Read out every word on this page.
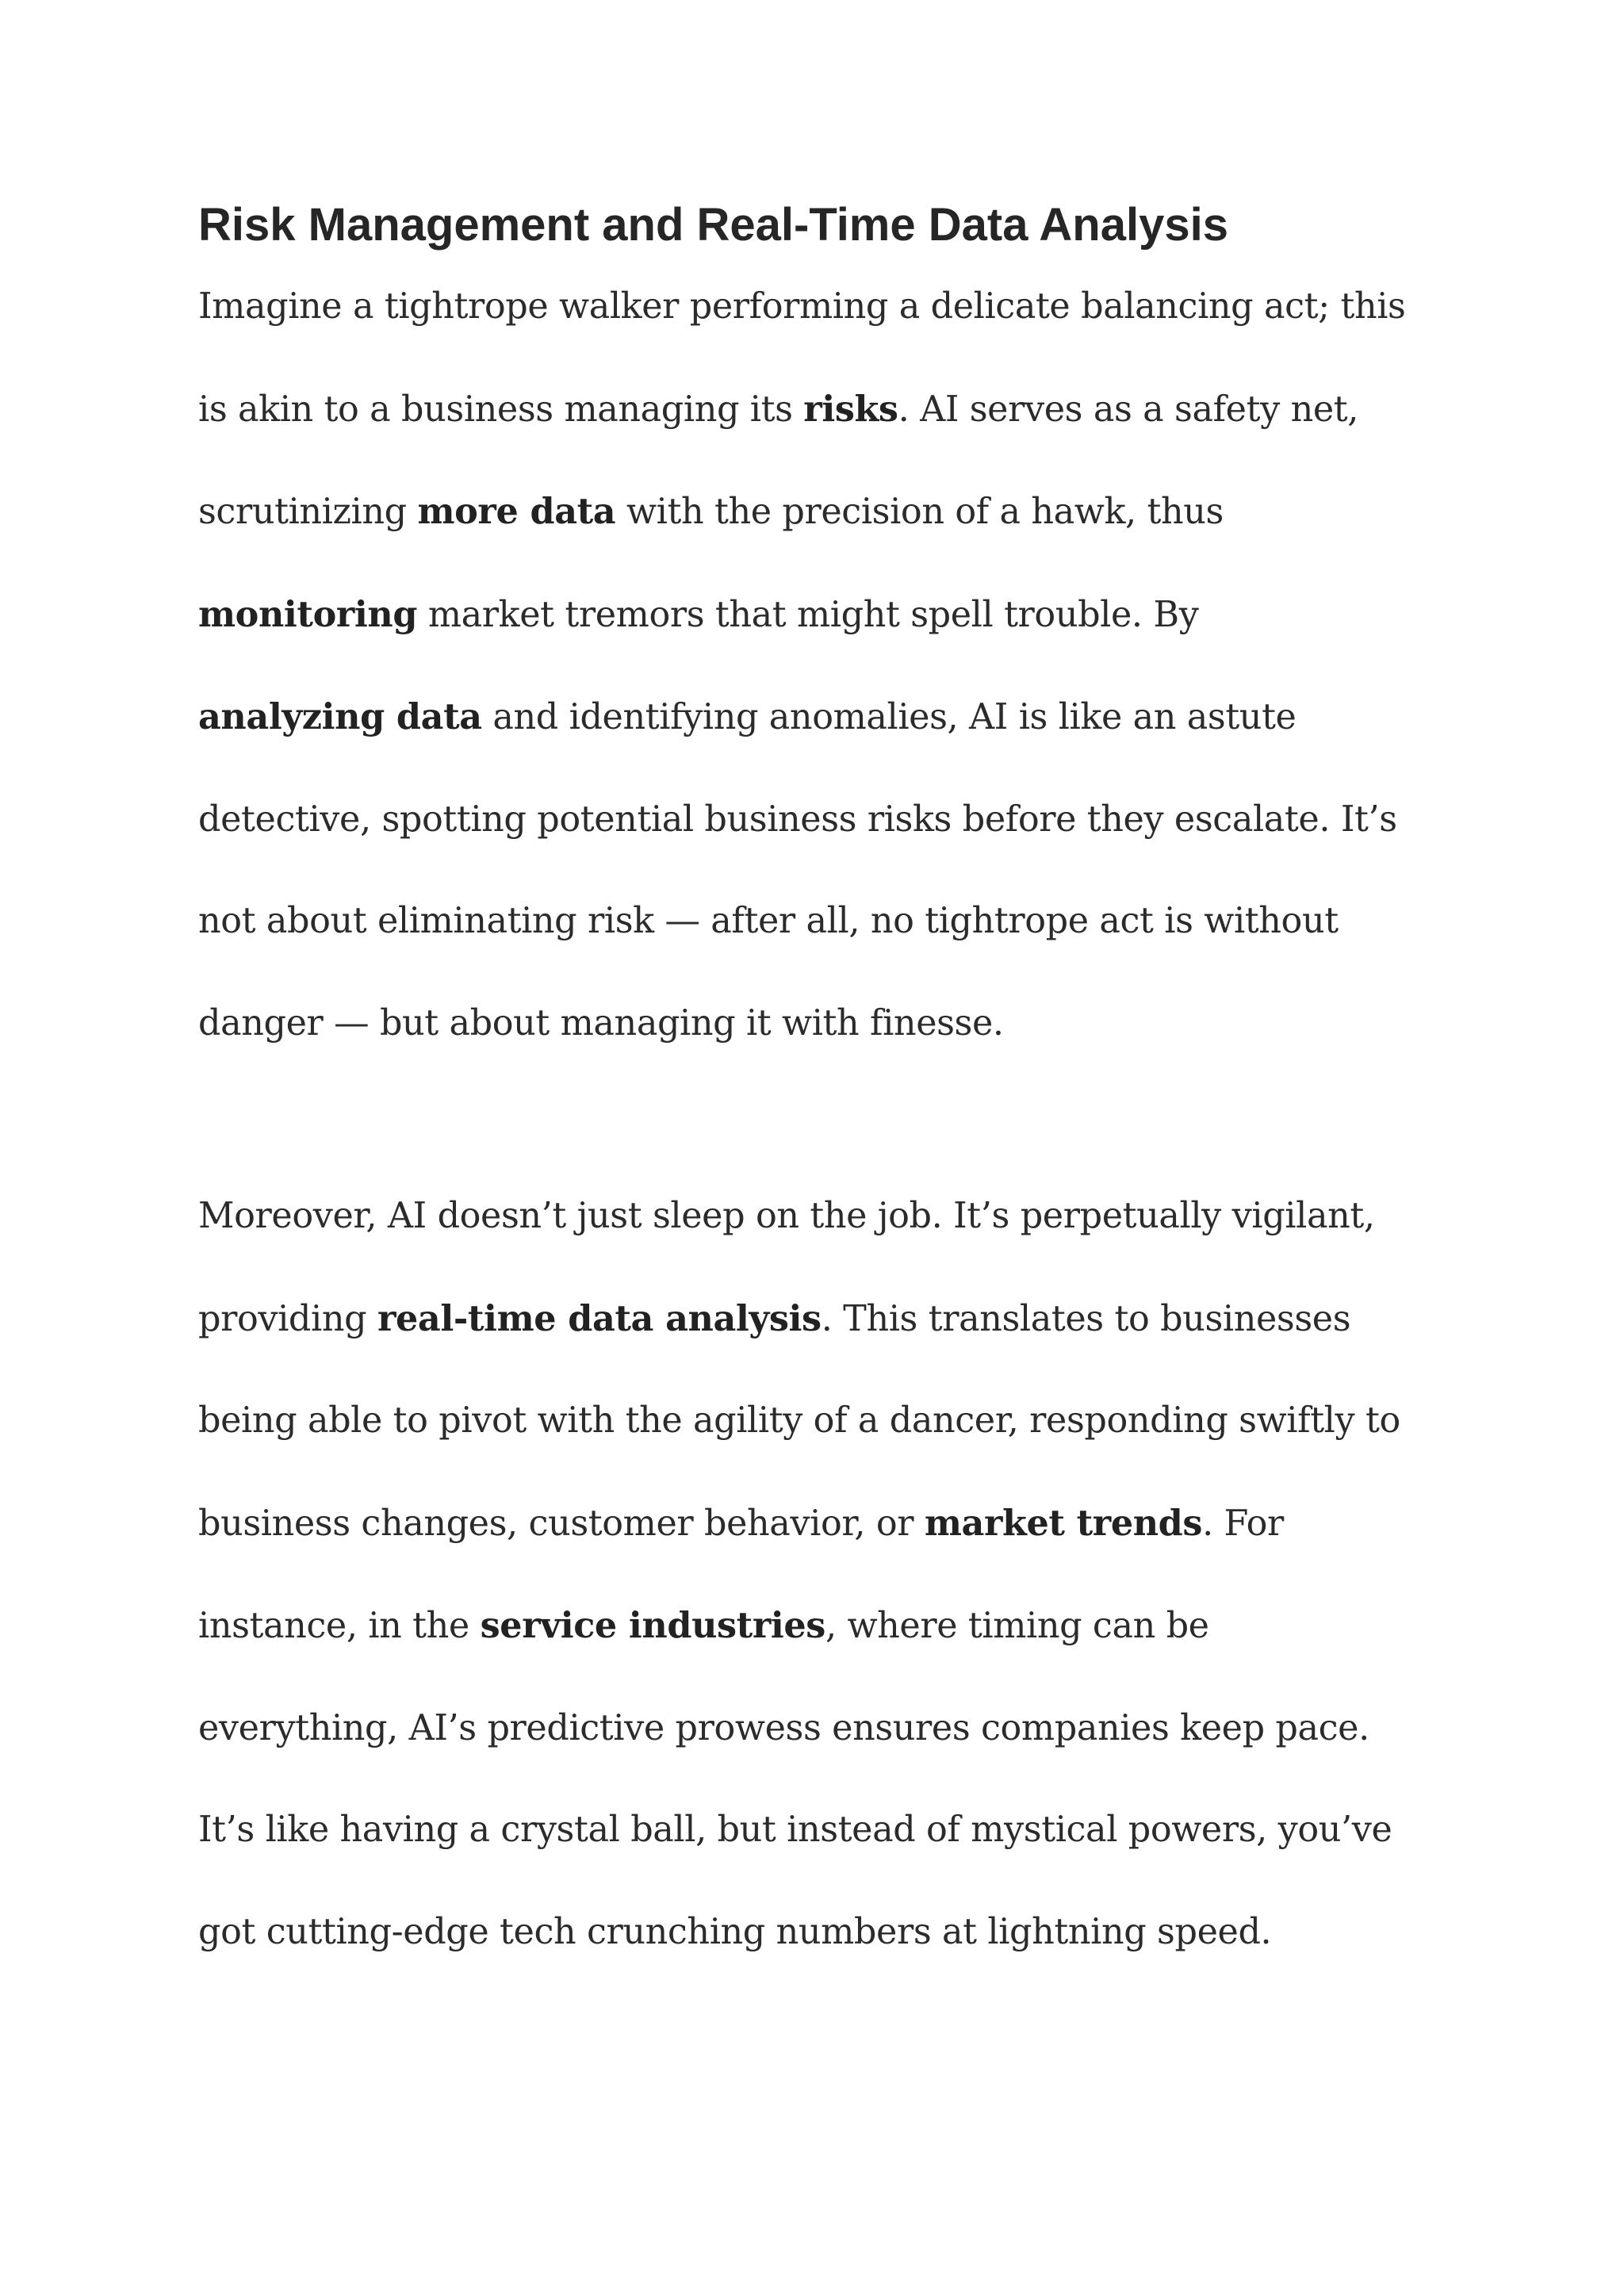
Risk Management and Real-Time Data Analysis

Imagine a tightrope walker performing a delicate balancing act; this
is akin to a business managing its risks. AI serves as a safety net,
scrutinizing more data with the precision of a hawk, thus
monitoring market tremors that might spell trouble. By
analyzing data and identifying anomalies, AI is like an astute
detective, spotting potential business risks before they escalate. It’s
not about eliminating risk — after all, no tightrope act is without
danger — but about managing it with finesse.

Moreover, AI doesn’t just sleep on the job. It’s perpetually vigilant,
providing real-time data analysis. This translates to businesses
being able to pivot with the agility of a dancer, responding swiftly to
business changes, customer behavior, or market trends. For
instance, in the service industries, where timing can be
everything, AI’s predictive prowess ensures companies keep pace.
It’s like having a crystal ball, but instead of mystical powers, you’ve
got cutting-edge tech crunching numbers at lightning speed.
